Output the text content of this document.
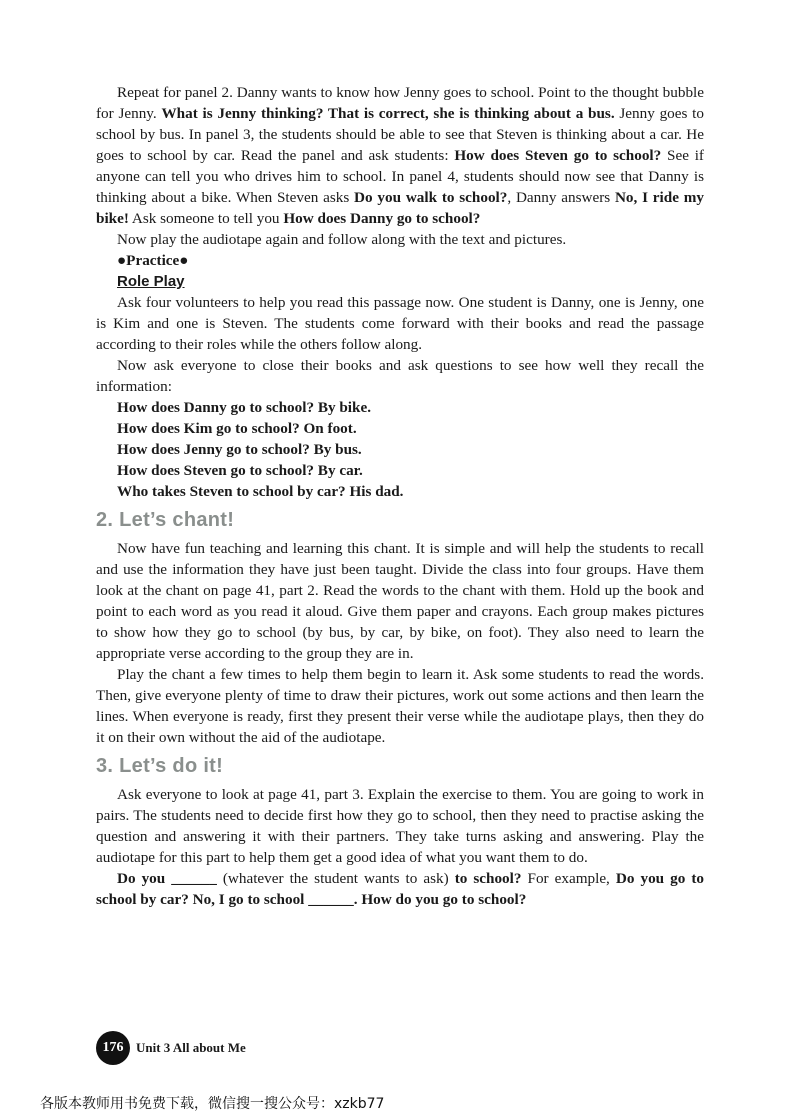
Repeat for panel 2. Danny wants to know how Jenny goes to school. Point to the thought bubble for Jenny. What is Jenny thinking? That is correct, she is thinking about a bus. Jenny goes to school by bus. In panel 3, the students should be able to see that Steven is thinking about a car. He goes to school by car. Read the panel and ask students: How does Steven go to school? See if anyone can tell you who drives him to school. In panel 4, students should now see that Danny is thinking about a bike. When Steven asks Do you walk to school?, Danny answers No, I ride my bike! Ask someone to tell you How does Danny go to school?

Now play the audiotape again and follow along with the text and pictures.

●Practice●
Role Play

Ask four volunteers to help you read this passage now. One student is Danny, one is Jenny, one is Kim and one is Steven. The students come forward with their books and read the passage according to their roles while the others follow along.

Now ask everyone to close their books and ask questions to see how well they recall the information:

How does Danny go to school? By bike.
How does Kim go to school? On foot.
How does Jenny go to school? By bus.
How does Steven go to school? By car.
Who takes Steven to school by car? His dad.
2. Let’s chant!

Now have fun teaching and learning this chant. It is simple and will help the students to recall and use the information they have just been taught. Divide the class into four groups. Have them look at the chant on page 41, part 2. Read the words to the chant with them. Hold up the book and point to each word as you read it aloud. Give them paper and crayons. Each group makes pictures to show how they go to school (by bus, by car, by bike, on foot). They also need to learn the appropriate verse according to the group they are in.

Play the chant a few times to help them begin to learn it. Ask some students to read the words. Then, give everyone plenty of time to draw their pictures, work out some actions and then learn the lines. When everyone is ready, first they present their verse while the audiotape plays, then they do it on their own without the aid of the audiotape.

3. Let’s do it!

Ask everyone to look at page 41, part 3. Explain the exercise to them. You are going to work in pairs. The students need to decide first how they go to school, then they need to practise asking the question and answering it with their partners. They take turns asking and answering. Play the audiotape for this part to help them get a good idea of what you want them to do.

Do you ______ (whatever the student wants to ask) to school? For example, Do you go to school by car? No, I go to school ______. How do you go to school?

176 Unit 3 All about Me
各版本教师用书免费下载，微信搜一搜公众号：xzkb77
